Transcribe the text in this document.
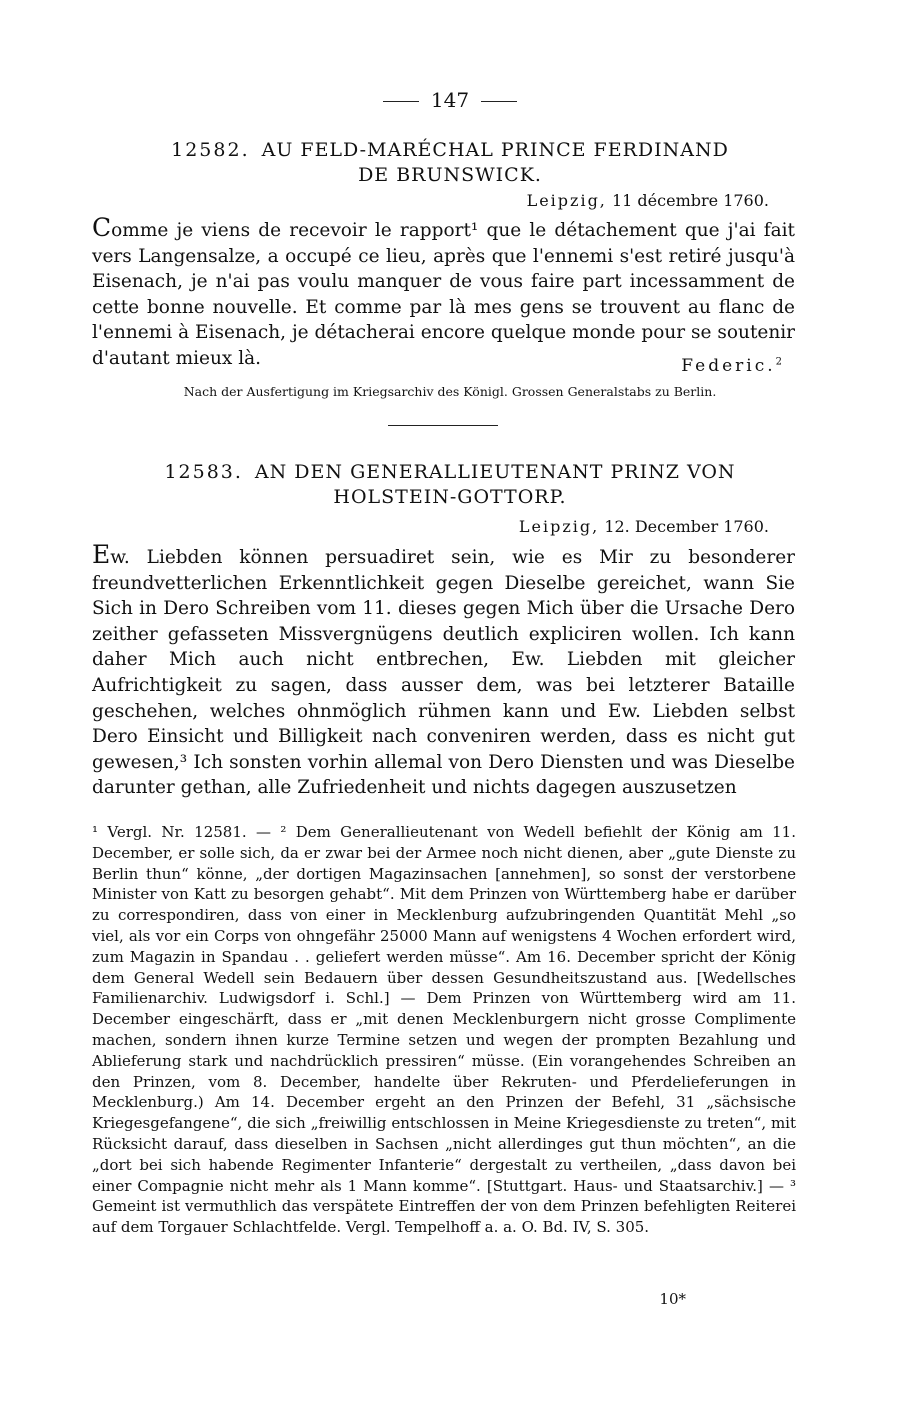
147
12582. AU FELD-MARÉCHAL PRINCE FERDINAND
DE BRUNSWICK.
Leipzig, 11 décembre 1760.

Comme je viens de recevoir le rapport¹ que le détachement que j'ai fait vers Langensalze, a occupé ce lieu, après que l'ennemi s'est retiré jusqu'à Eisenach, je n'ai pas voulu manquer de vous faire part incessamment de cette bonne nouvelle. Et comme par là mes gens se trouvent au flanc de l'ennemi à Eisenach, je détacherai encore quelque monde pour se soutenir d'autant mieux là.	Federic.$^2$
Nach der Ausfertigung im Kriegsarchiv des Königl. Grossen Generalstabs zu Berlin.
12583. AN DEN GENERALLIEUTENANT PRINZ VON
HOLSTEIN-GOTTORP.
Leipzig, 12. December 1760.

Ew. Liebden können persuadiret sein, wie es Mir zu besonderer freundvetterlichen Erkenntlichkeit gegen Dieselbe gereichet, wann Sie Sich in Dero Schreiben vom 11. dieses gegen Mich über die Ursache Dero zeither gefasseten Missvergnügens deutlich expliciren wollen. Ich kann daher Mich auch nicht entbrechen, Ew. Liebden mit gleicher Aufrichtigkeit zu sagen, dass ausser dem, was bei letzterer Bataille geschehen, welches ohnmöglich rühmen kann und Ew. Liebden selbst Dero Einsicht und Billigkeit nach conveniren werden, dass es nicht gut gewesen,³ Ich sonsten vorhin allemal von Dero Diensten und was Dieselbe darunter gethan, alle Zufriedenheit und nichts dagegen auszusetzen

¹ Vergl. Nr. 12581. — ² Dem Generallieutenant von Wedell befiehlt der König am 11. December, er solle sich, da er zwar bei der Armee noch nicht dienen, aber „gute Dienste zu Berlin thun“ könne, „der dortigen Magazinsachen [annehmen], so sonst der verstorbene Minister von Katt zu besorgen gehabt“. Mit dem Prinzen von Württemberg habe er darüber zu correspondiren, dass von einer in Mecklenburg aufzubringenden Quantität Mehl „so viel, als vor ein Corps von ohngefähr 25000 Mann auf wenigstens 4 Wochen erfordert wird, zum Magazin in Spandau . . geliefert werden müsse“. Am 16. December spricht der König dem General Wedell sein Bedauern über dessen Gesundheitszustand aus. [Wedellsches Familienarchiv. Ludwigsdorf i. Schl.] — Dem Prinzen von Württemberg wird am 11. December eingeschärft, dass er „mit denen Mecklenburgern nicht grosse Complimente machen, sondern ihnen kurze Termine setzen und wegen der prompten Bezahlung und Ablieferung stark und nachdrücklich pressiren“ müsse. (Ein vorangehendes Schreiben an den Prinzen, vom 8. December, handelte über Rekruten- und Pferdelieferungen in Mecklenburg.) Am 14. December ergeht an den Prinzen der Befehl, 31 „sächsische Kriegesgefangene“, die sich „freiwillig entschlossen in Meine Kriegesdienste zu treten“, mit Rücksicht darauf, dass dieselben in Sachsen „nicht allerdinges gut thun möchten“, an die „dort bei sich habende Regimenter Infanterie“ dergestalt zu vertheilen, „dass davon bei einer Compagnie nicht mehr als 1 Mann komme“. [Stuttgart. Haus- und Staatsarchiv.] — ³ Gemeint ist vermuthlich das verspätete Eintreffen der von dem Prinzen befehligten Reiterei auf dem Torgauer Schlachtfelde. Vergl. Tempelhoff a. a. O. Bd. IV, S. 305.

10*
